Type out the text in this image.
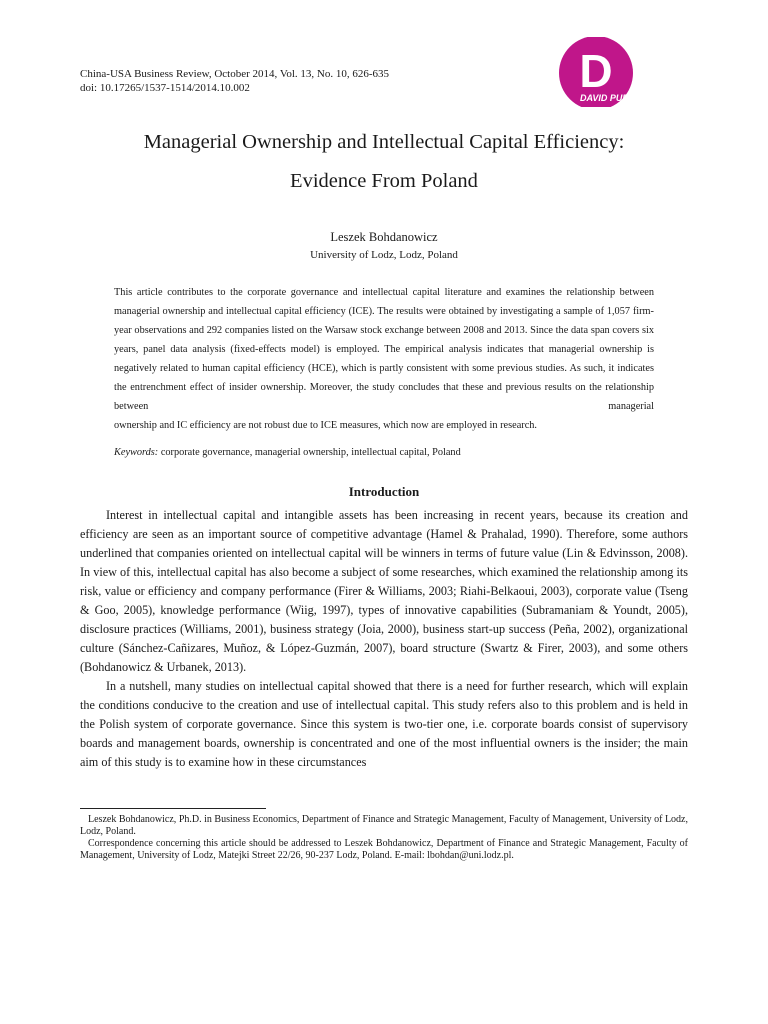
China-USA Business Review, October 2014, Vol. 13, No. 10, 626-635
doi: 10.17265/1537-1514/2014.10.002	D
DAVID PUBLISHING
Managerial Ownership and Intellectual Capital Efficiency:
Evidence From Poland
Leszek Bohdanowicz
University of Lodz, Lodz, Poland
This article contributes to the corporate governance and intellectual capital literature and examines the relationship between managerial ownership and intellectual capital efficiency (ICE). The results were obtained by investigating a sample of 1,057 firm-year observations and 292 companies listed on the Warsaw stock exchange between 2008 and 2013. Since the data span covers six years, panel data analysis (fixed-effects model) is employed. The empirical analysis indicates that managerial ownership is negatively related to human capital efficiency (HCE), which is partly consistent with some previous studies. As such, it indicates the entrenchment effect of insider ownership. Moreover, the study concludes that these and previous results on the relationship between managerial
ownership and IC efficiency are not robust due to ICE measures, which now are employed in research.
Keywords: corporate governance, managerial ownership, intellectual capital, Poland
Introduction

Interest in intellectual capital and intangible assets has been increasing in recent years, because its creation and efficiency are seen as an important source of competitive advantage (Hamel & Prahalad, 1990). Therefore, some authors underlined that companies oriented on intellectual capital will be winners in terms of future value (Lin & Edvinsson, 2008). In view of this, intellectual capital has also become a subject of some researches, which examined the relationship among its risk, value or efficiency and company performance (Firer & Williams, 2003; Riahi-Belkaoui, 2003), corporate value (Tseng & Goo, 2005), knowledge performance (Wiig, 1997), types of innovative capabilities (Subramaniam & Youndt, 2005), disclosure practices (Williams, 2001), business strategy (Joia, 2000), business start-up success (Peña, 2002), organizational culture (Sánchez-Cañizares, Muñoz, & López-Guzmán, 2007), board structure (Swartz & Firer, 2003), and some others (Bohdanowicz & Urbanek, 2013).

In a nutshell, many studies on intellectual capital showed that there is a need for further research, which will explain the conditions conducive to the creation and use of intellectual capital. This study refers also to this problem and is held in the Polish system of corporate governance. Since this system is two-tier one, i.e. corporate boards consist of supervisory boards and management boards, ownership is concentrated and one of the most influential owners is the insider; the main aim of this study is to examine how in these circumstances

Leszek Bohdanowicz, Ph.D. in Business Economics, Department of Finance and Strategic Management, Faculty of Management, University of Lodz, Lodz, Poland.

Correspondence concerning this article should be addressed to Leszek Bohdanowicz, Department of Finance and Strategic Management, Faculty of Management, University of Lodz, Matejki Street 22/26, 90-237 Lodz, Poland. E-mail: lbohdan@uni.lodz.pl.
